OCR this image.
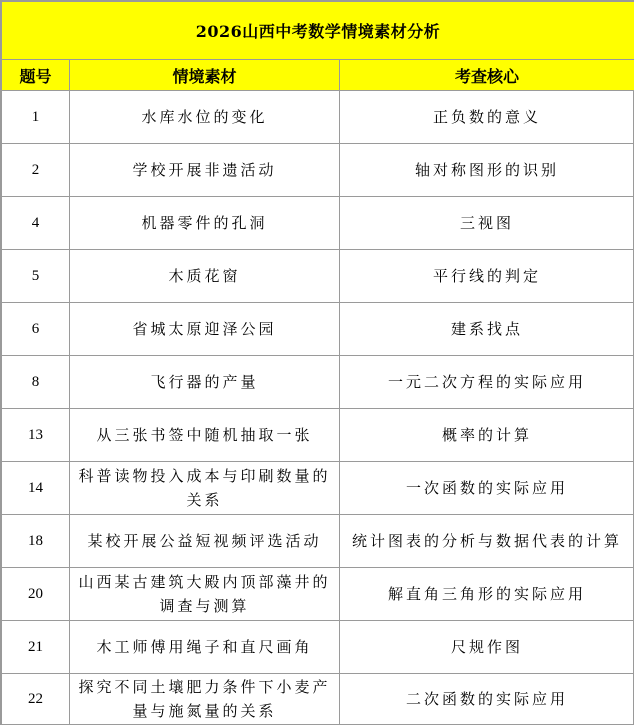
2026山西中考数学情境素材分析		
题号	情境素材	考查核心
1	水库水位的变化	正负数的意义
2	学校开展非遗活动	轴对称图形的识别
4	机器零件的孔洞	三视图
5	木质花窗	平行线的判定
6	省城太原迎泽公园	建系找点
8	飞行器的产量	一元二次方程的实际应用
13	从三张书签中随机抽取一张	概率的计算
14	科普读物投入成本与印刷数量的关系	一次函数的实际应用
18	某校开展公益短视频评选活动	统计图表的分析与数据代表的计算
20	山西某古建筑大殿内顶部藻井的调查与测算	解直角三角形的实际应用
21	木工师傅用绳子和直尺画角	尺规作图
22	探究不同土壤肥力条件下小麦产量与施氮量的关系	二次函数的实际应用
